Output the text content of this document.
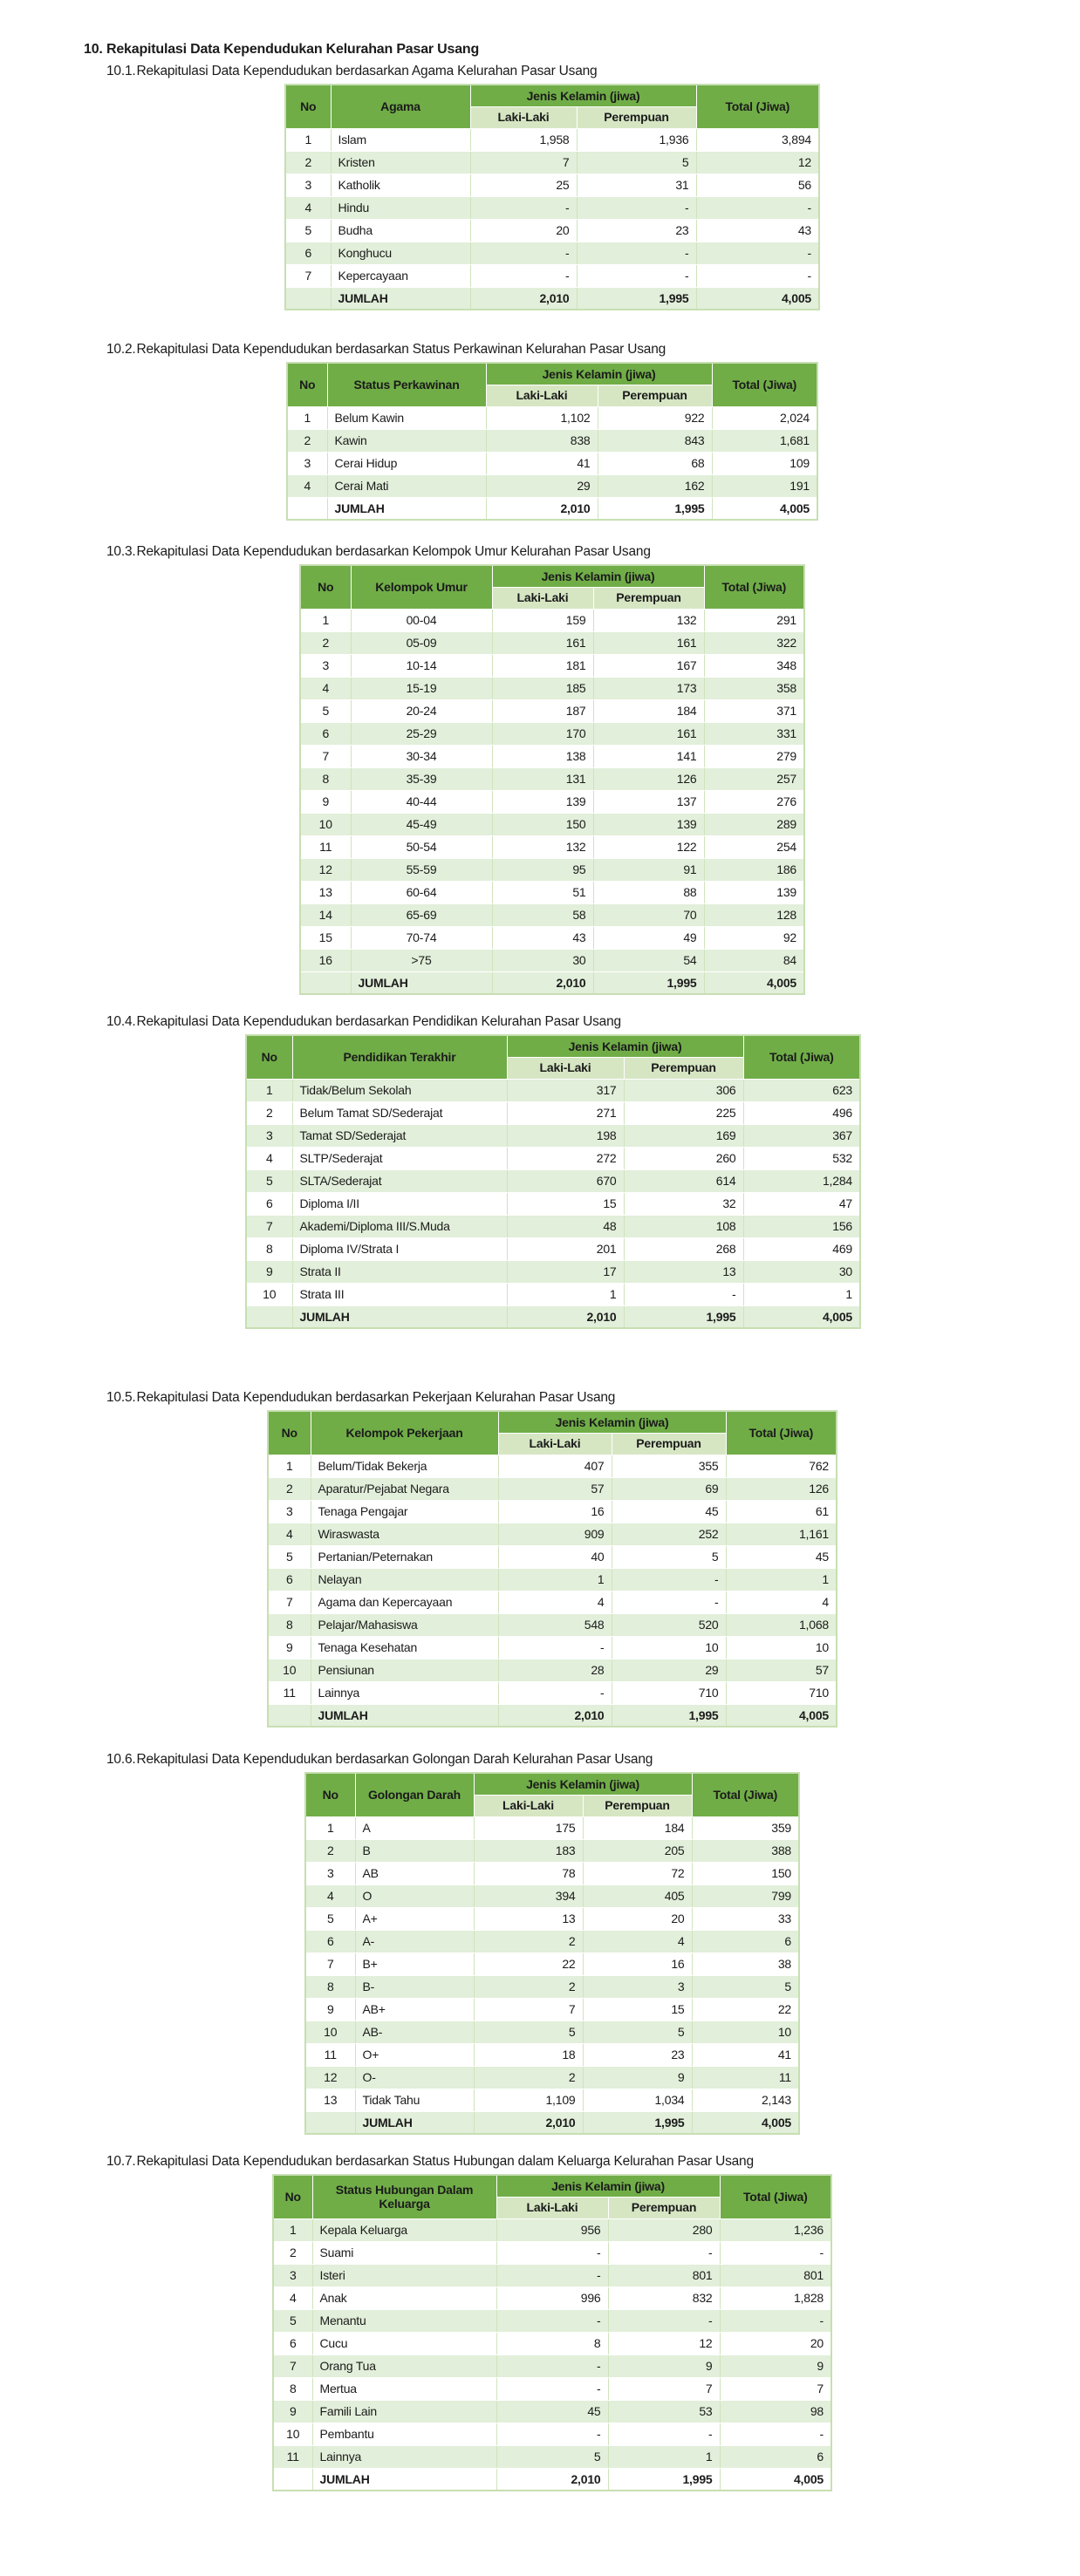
10. Rekapitulasi Data Kependudukan Kelurahan Pasar Usang
10.1. Rekapitulasi Data Kependudukan berdasarkan Agama Kelurahan Pasar Usang
No	Agama	Jenis Kelamin (jiwa)		Total (Jiwa)
		Laki-Laki	Perempuan	
1	Islam	1,958	1,936	3,894
2	Kristen	7	5	12
3	Katholik	25	31	56
4	Hindu	-	-	-
5	Budha	20	23	43
6	Konghucu	-	-	-
7	Kepercayaan	-	-	-
	JUMLAH	2,010	1,995	4,005
10.2. Rekapitulasi Data Kependudukan berdasarkan Status Perkawinan Kelurahan Pasar Usang
No	Status Perkawinan	Jenis Kelamin (jiwa)		Total (Jiwa)
		Laki-Laki	Perempuan	
1	Belum Kawin	1,102	922	2,024
2	Kawin	838	843	1,681
3	Cerai Hidup	41	68	109
4	Cerai Mati	29	162	191
	JUMLAH	2,010	1,995	4,005
10.3. Rekapitulasi Data Kependudukan berdasarkan Kelompok Umur Kelurahan Pasar Usang
No	Kelompok Umur	Jenis Kelamin (jiwa)		Total (Jiwa)
		Laki-Laki	Perempuan	
1	00-04	159	132	291
2	05-09	161	161	322
3	10-14	181	167	348
4	15-19	185	173	358
5	20-24	187	184	371
6	25-29	170	161	331
7	30-34	138	141	279
8	35-39	131	126	257
9	40-44	139	137	276
10	45-49	150	139	289
11	50-54	132	122	254
12	55-59	95	91	186
13	60-64	51	88	139
14	65-69	58	70	128
15	70-74	43	49	92
16	>75	30	54	84
	JUMLAH	2,010	1,995	4,005
10.4. Rekapitulasi Data Kependudukan berdasarkan Pendidikan Kelurahan Pasar Usang
No	Pendidikan Terakhir	Jenis Kelamin (jiwa)		Total (Jiwa)
		Laki-Laki	Perempuan	
1	Tidak/Belum Sekolah	317	306	623
2	Belum Tamat SD/Sederajat	271	225	496
3	Tamat SD/Sederajat	198	169	367
4	SLTP/Sederajat	272	260	532
5	SLTA/Sederajat	670	614	1,284
6	Diploma I/II	15	32	47
7	Akademi/Diploma III/S.Muda	48	108	156
8	Diploma IV/Strata I	201	268	469
9	Strata II	17	13	30
10	Strata III	1	-	1
	JUMLAH	2,010	1,995	4,005
10.5. Rekapitulasi Data Kependudukan berdasarkan Pekerjaan Kelurahan Pasar Usang
No	Kelompok Pekerjaan	Jenis Kelamin (jiwa)		Total (Jiwa)
		Laki-Laki	Perempuan	
1	Belum/Tidak Bekerja	407	355	762
2	Aparatur/Pejabat Negara	57	69	126
3	Tenaga Pengajar	16	45	61
4	Wiraswasta	909	252	1,161
5	Pertanian/Peternakan	40	5	45
6	Nelayan	1	-	1
7	Agama dan Kepercayaan	4	-	4
8	Pelajar/Mahasiswa	548	520	1,068
9	Tenaga Kesehatan	-	10	10
10	Pensiunan	28	29	57
11	Lainnya	-	710	710
	JUMLAH	2,010	1,995	4,005
10.6. Rekapitulasi Data Kependudukan berdasarkan Golongan Darah Kelurahan Pasar Usang
No	Golongan Darah	Jenis Kelamin (jiwa)		Total (Jiwa)
		Laki-Laki	Perempuan	
1	A	175	184	359
2	B	183	205	388
3	AB	78	72	150
4	O	394	405	799
5	A+	13	20	33
6	A-	2	4	6
7	B+	22	16	38
8	B-	2	3	5
9	AB+	7	15	22
10	AB-	5	5	10
11	O+	18	23	41
12	O-	2	9	11
13	Tidak Tahu	1,109	1,034	2,143
	JUMLAH	2,010	1,995	4,005
10.7. Rekapitulasi Data Kependudukan berdasarkan Status Hubungan dalam Keluarga Kelurahan Pasar Usang
No	Status Hubungan Dalam Keluarga	Jenis Kelamin (jiwa)		Total (Jiwa)
		Laki-Laki	Perempuan	
1	Kepala Keluarga	956	280	1,236
2	Suami	-	-	-
3	Isteri	-	801	801
4	Anak	996	832	1,828
5	Menantu	-	-	-
6	Cucu	8	12	20
7	Orang Tua	-	9	9
8	Mertua	-	7	7
9	Famili Lain	45	53	98
10	Pembantu	-	-	-
11	Lainnya	5	1	6
	JUMLAH	2,010	1,995	4,005
